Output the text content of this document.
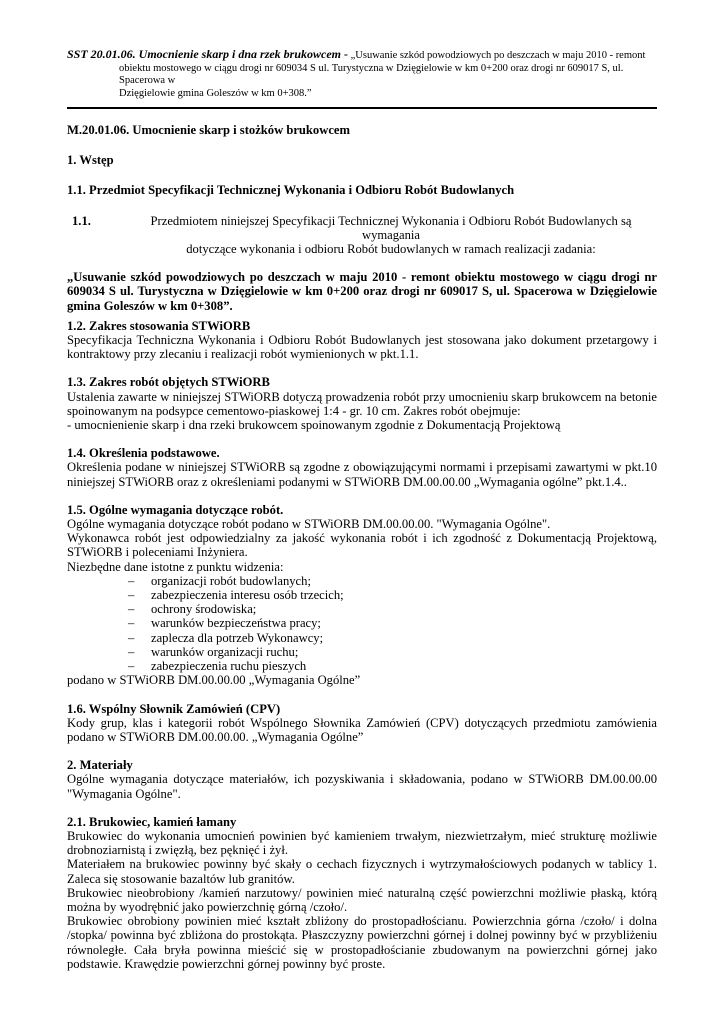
SST 20.01.06. Umocnienie skarp i dna rzek brukowcem - „Usuwanie szkód powodziowych po deszczach w maju 2010 - remont
obiektu mostowego w ciągu drogi nr 609034 S ul. Turystyczna w Dzięgielowie w km 0+200 oraz drogi nr 609017 S, ul. Spacerowa w
Dzięgielowie gmina Goleszów w km 0+308.”

M.20.01.06. Umocnienie skarp i stożków brukowcem

1. Wstęp

1.1. Przedmiot Specyfikacji Technicznej Wykonania i Odbioru Robót Budowlanych

1.1.	Przedmiotem niniejszej Specyfikacji Technicznej Wykonania i Odbioru Robót Budowlanych są wymagania
dotyczące wykonania i odbioru Robót budowlanych w ramach realizacji zadania:

„Usuwanie szkód powodziowych po deszczach w maju 2010 - remont obiektu mostowego w ciągu drogi nr 609034 S ul. Turystyczna w Dzięgielowie w km 0+200 oraz drogi nr 609017 S, ul. Spacerowa w Dzięgielowie gmina Goleszów w km 0+308”.

1.2. Zakres stosowania STWiORB

Specyfikacja Techniczna Wykonania i Odbioru Robót Budowlanych jest stosowana jako dokument przetargowy i kontraktowy przy zlecaniu i realizacji robót wymienionych w pkt.1.1.

1.3. Zakres robót objętych STWiORB

Ustalenia zawarte w niniejszej STWiORB dotyczą prowadzenia robót przy umocnieniu skarp brukowcem na betonie spoinowanym na podsypce cementowo-piaskowej 1:4 - gr. 10 cm. Zakres robót obejmuje:

- umocnienienie skarp i dna rzeki brukowcem spoinowanym zgodnie z Dokumentacją Projektową

1.4. Określenia podstawowe.

Określenia podane w niniejszej STWiORB są zgodne z obowiązującymi normami i przepisami zawartymi w pkt.10 niniejszej STWiORB oraz z określeniami podanymi w STWiORB DM.00.00.00 „Wymagania ogólne” pkt.1.4..

1.5. Ogólne wymagania dotyczące robót.

Ogólne wymagania dotyczące robót podano w STWiORB DM.00.00.00. "Wymagania Ogólne".

Wykonawca robót jest odpowiedzialny za jakość wykonania robót i ich zgodność z Dokumentacją Projektową, STWiORB i poleceniami Inżyniera.

Niezbędne dane istotne z punktu widzenia:

– organizacji robót budowlanych;
– zabezpieczenia interesu osób trzecich;
– ochrony środowiska;
– warunków bezpieczeństwa pracy;
– zaplecza dla potrzeb Wykonawcy;
– warunków organizacji ruchu;
– zabezpieczenia ruchu pieszych

podano w STWiORB DM.00.00.00 „Wymagania Ogólne”

1.6. Wspólny Słownik Zamówień (CPV)

Kody grup, klas i kategorii robót Wspólnego Słownika Zamówień (CPV) dotyczących przedmiotu zamówienia podano w STWiORB DM.00.00.00. „Wymagania Ogólne”

2. Materiały

Ogólne wymagania dotyczące materiałów, ich pozyskiwania i składowania, podano w STWiORB DM.00.00.00 "Wymagania Ogólne".

2.1. Brukowiec, kamień łamany

Brukowiec do wykonania umocnień powinien być kamieniem trwałym, niezwietrzałym, mieć strukturę możliwie drobnoziarnistą i zwięzłą, bez pęknięć i żył.

Materiałem na brukowiec powinny być skały o cechach fizycznych i wytrzymałościowych podanych w tablicy 1. Zaleca się stosowanie bazaltów lub granitów.

Brukowiec nieobrobiony /kamień narzutowy/ powinien mieć naturalną część powierzchni możliwie płaską, którą można by wyodrębnić jako powierzchnię górną /czoło/.

Brukowiec obrobiony powinien mieć kształt zbliżony do prostopadłościanu. Powierzchnia górna /czoło/ i dolna /stopka/ powinna być zbliżona do prostokąta. Płaszczyzny powierzchni górnej i dolnej powinny być w przybliżeniu równoległe. Cała bryła powinna mieścić się w prostopadłościanie zbudowanym na powierzchni górnej jako podstawie. Krawędzie powierzchni górnej powinny być proste.
